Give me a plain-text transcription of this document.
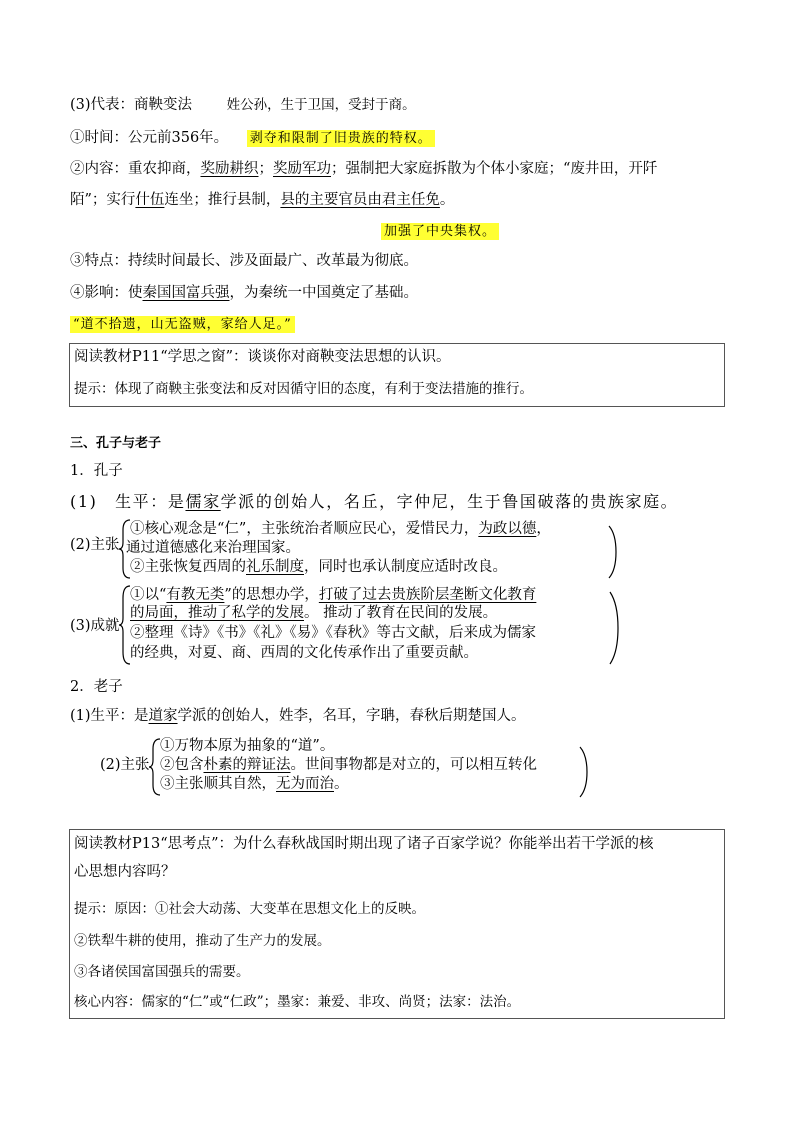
(3)代表：商鞅变法	姓公孙，生于卫国，受封于商。
①时间：公元前356年。 剥夺和限制了旧贵族的特权。
②内容：重农抑商，奖励耕织；奖励军功；强制把大家庭拆散为个体小家庭；“废井田，开阡
陌”；实行什伍连坐；推行县制，县的主要官员由君主任免。
加强了中央集权。
③特点：持续时间最长、涉及面最广、改革最为彻底。
④影响：使秦国国富兵强，为秦统一中国奠定了基础。
“道不拾遗，山无盗贼，家给人足。”
阅读教材P11“学思之窗”：谈谈你对商鞅变法思想的认识。
提示：体现了商鞅主张变法和反对因循守旧的态度，有利于变法措施的推行。
三、孔子与老子
1．孔子
(1)　生平：是儒家学派的创始人，名丘，字仲尼，生于鲁国破落的贵族家庭。
(2)主张
①核心观念是“仁”，主张统治者顺应民心，爱惜民力，为政以德，
通过道德感化来治理国家。
②主张恢复西周的礼乐制度，同时也承认制度应适时改良。
(3)成就
①以“有教无类”的思想办学，打破了过去贵族阶层垄断文化教育
的局面，推动了私学的发展。 推动了教育在民间的发展。
②整理《诗》《书》《礼》《易》《春秋》等古文献，后来成为儒家
的经典，对夏、商、西周的文化传承作出了重要贡献。
2．老子
(1)生平：是道家学派的创始人，姓李，名耳，字聃，春秋后期楚国人。
(2)主张
①万物本原为抽象的“道”。
②包含朴素的辩证法。世间事物都是对立的，可以相互转化
③主张顺其自然，无为而治。
阅读教材P13“思考点”：为什么春秋战国时期出现了诸子百家学说？你能举出若干学派的核
心思想内容吗？
提示：原因：①社会大动荡、大变革在思想文化上的反映。
②铁犁牛耕的使用，推动了生产力的发展。
③各诸侯国富国强兵的需要。
核心内容：儒家的“仁”或“仁政”；墨家：兼爱、非攻、尚贤；法家：法治。
